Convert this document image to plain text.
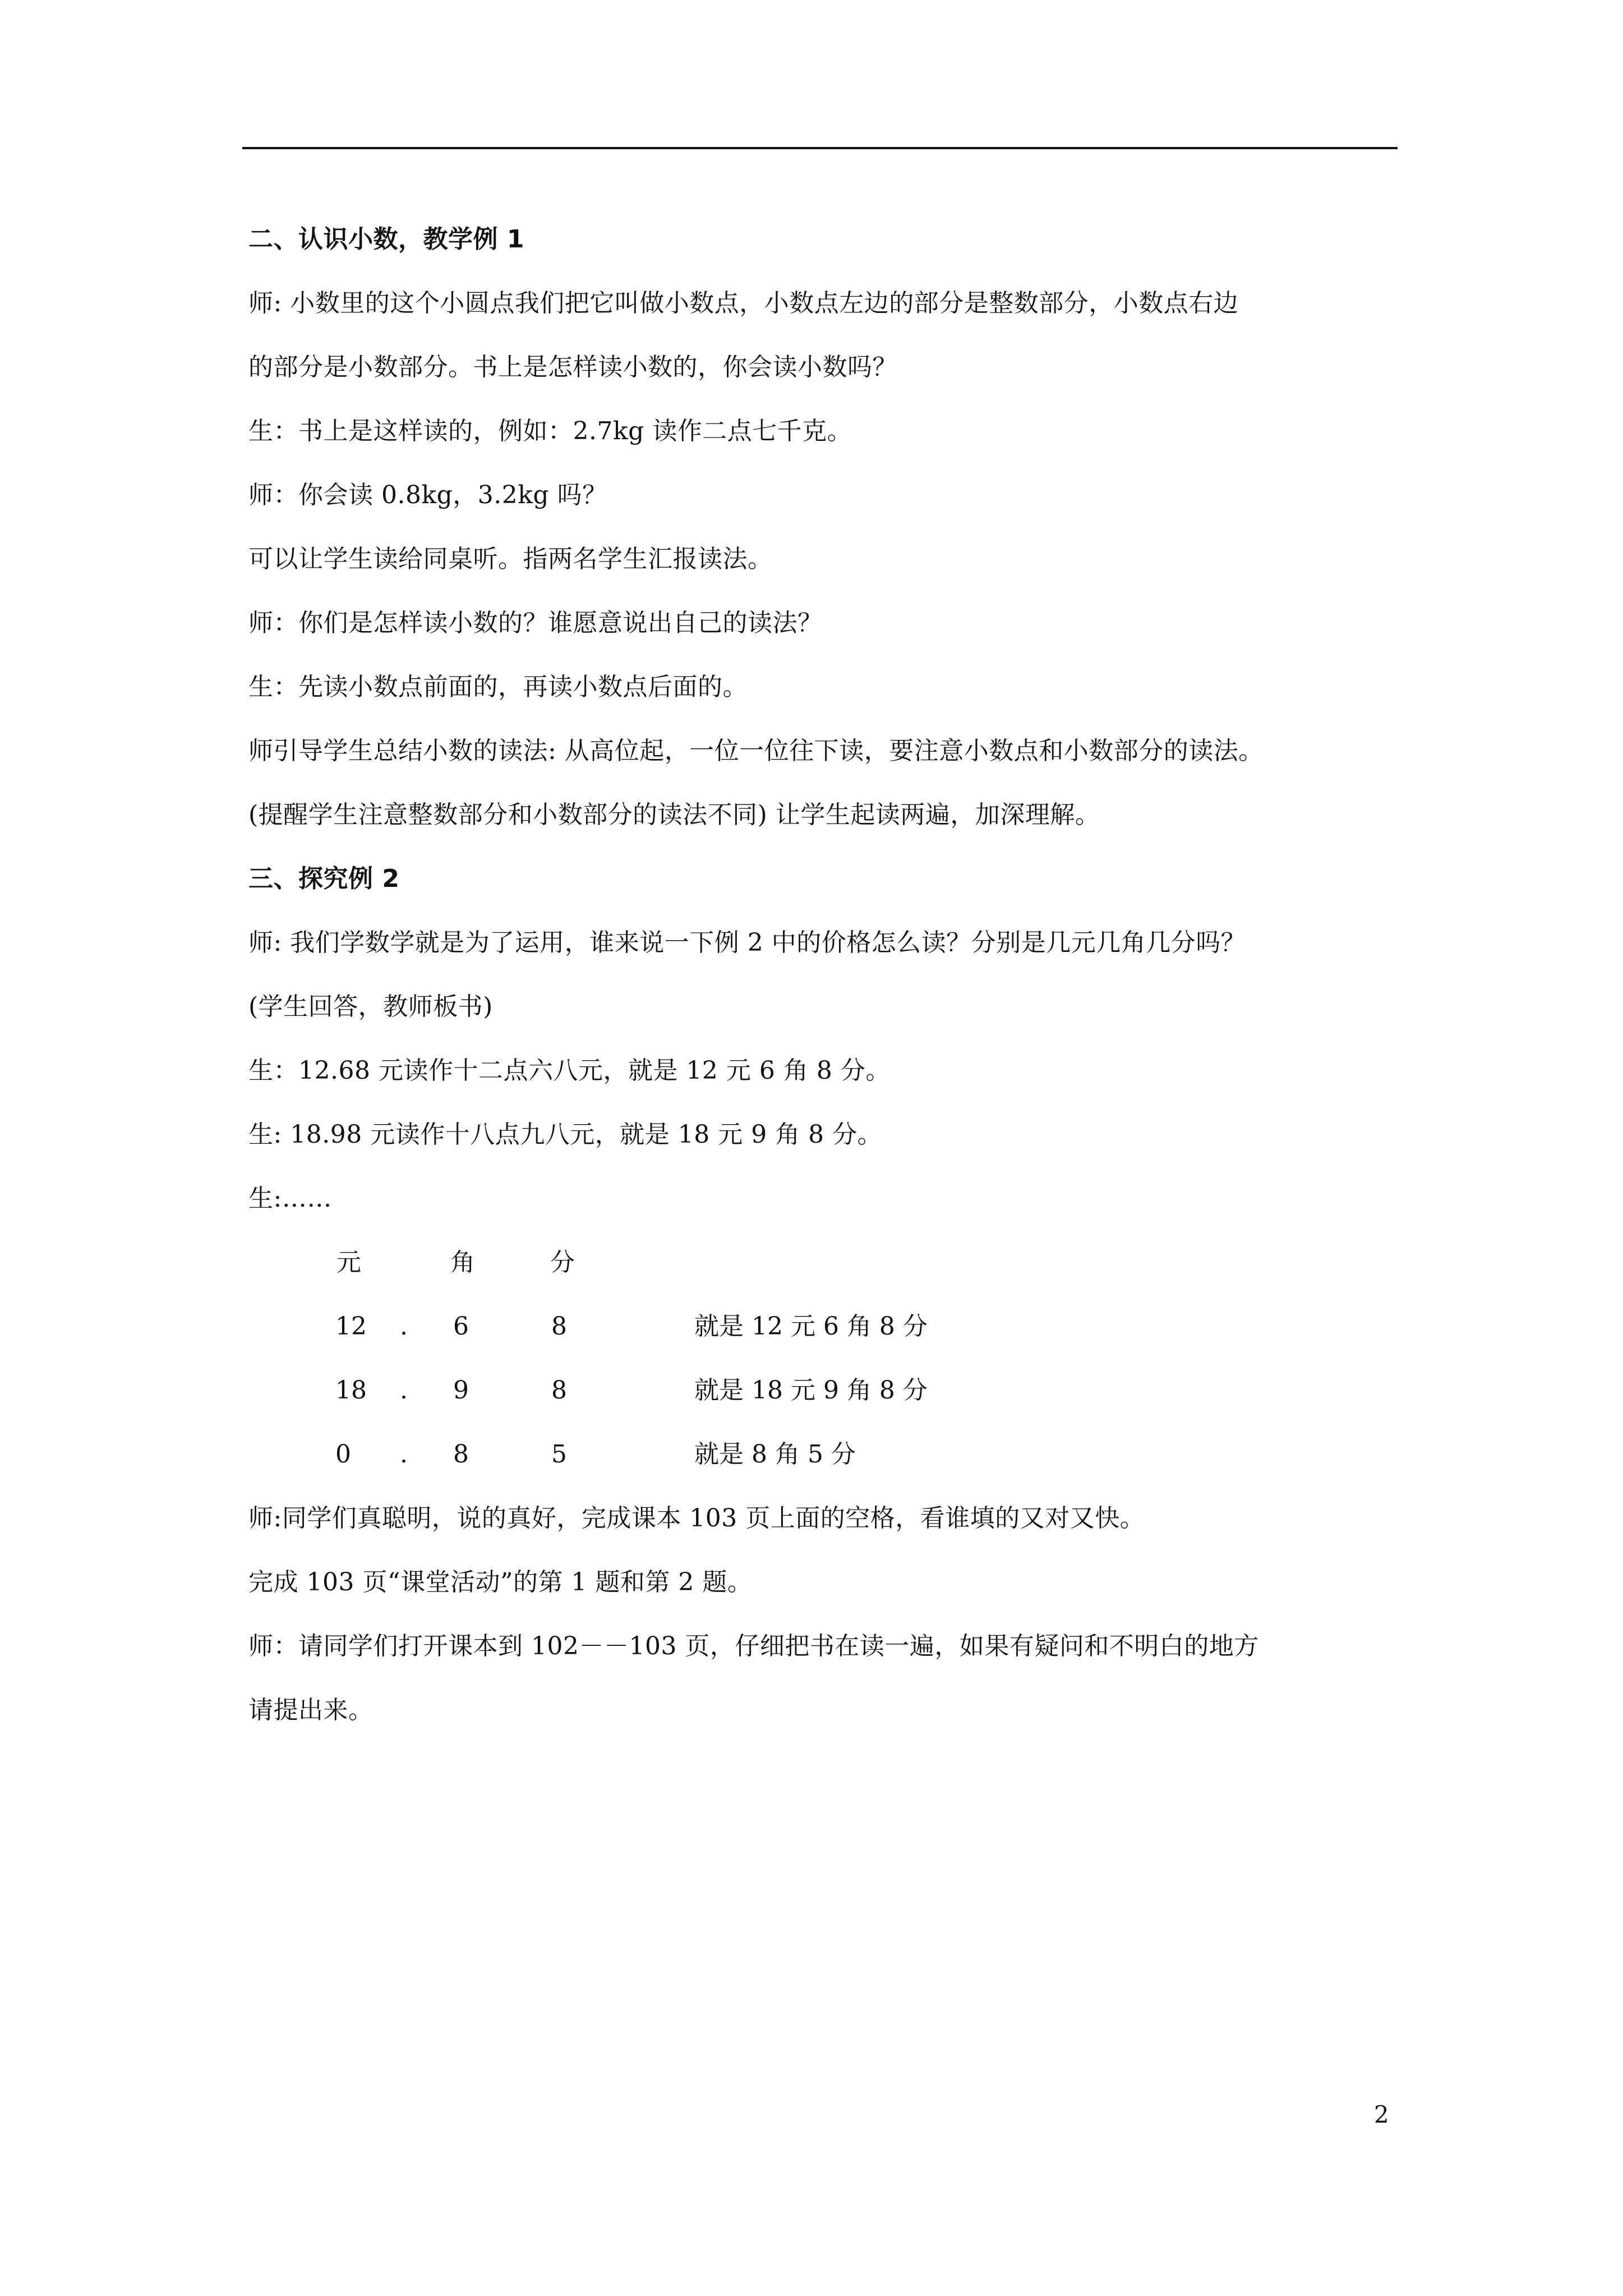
二、认识小数，教学例 1
师: 小数里的这个小圆点我们把它叫做小数点，小数点左边的部分是整数部分，小数点右边
的部分是小数部分。书上是怎样读小数的，你会读小数吗？
生：书上是这样读的，例如：2.7kg 读作二点七千克。
师：你会读 0.8kg，3.2kg 吗？
可以让学生读给同桌听。指两名学生汇报读法。
师：你们是怎样读小数的？谁愿意说出自己的读法？
生：先读小数点前面的，再读小数点后面的。
师引导学生总结小数的读法: 从高位起，一位一位往下读，要注意小数点和小数部分的读法。
(提醒学生注意整数部分和小数部分的读法不同) 让学生起读两遍，加深理解。
三、探究例 2
师: 我们学数学就是为了运用，谁来说一下例 2 中的价格怎么读？分别是几元几角几分吗？
(学生回答，教师板书)
生：12.68 元读作十二点六八元，就是 12 元 6 角 8 分。
生: 18.98 元读作十八点九八元，就是 18 元 9 角 8 分。
生:……
元	角	分
12 . 6	8	就是 12 元 6 角 8 分
18 . 9	8	就是 18 元 9 角 8 分
0 . 8	5	就是 8 角 5 分
师:同学们真聪明，说的真好，完成课本 103 页上面的空格，看谁填的又对又快。
完成 103 页“课堂活动”的第 1 题和第 2 题。
师：请同学们打开课本到 102－－103 页，仔细把书在读一遍，如果有疑问和不明白的地方
请提出来。
2
